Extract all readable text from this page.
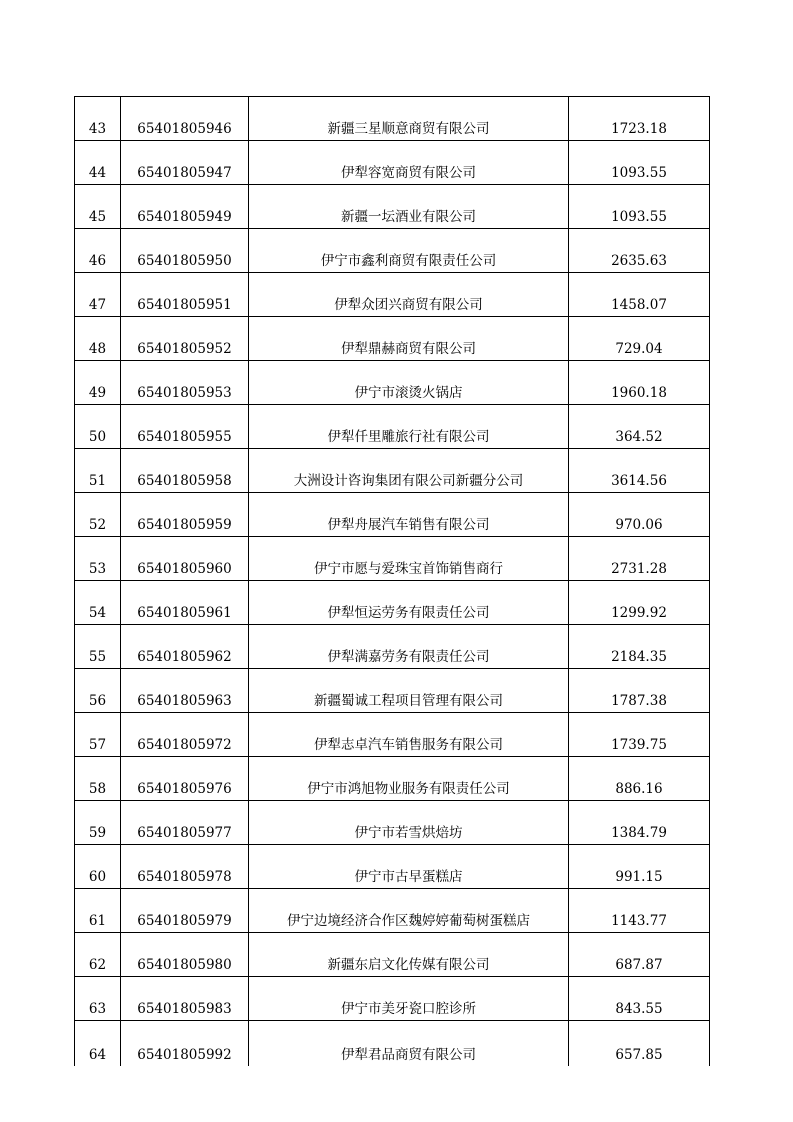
43	65401805946	新疆三星顺意商贸有限公司	1723.18
44	65401805947	伊犁容宽商贸有限公司	1093.55
45	65401805949	新疆一坛酒业有限公司	1093.55
46	65401805950	伊宁市鑫利商贸有限责任公司	2635.63
47	65401805951	伊犁众团兴商贸有限公司	1458.07
48	65401805952	伊犁鼎赫商贸有限公司	729.04
49	65401805953	伊宁市滚烫火锅店	1960.18
50	65401805955	伊犁仟里雕旅行社有限公司	364.52
51	65401805958	大洲设计咨询集团有限公司新疆分公司	3614.56
52	65401805959	伊犁舟展汽车销售有限公司	970.06
53	65401805960	伊宁市愿与爱珠宝首饰销售商行	2731.28
54	65401805961	伊犁恒运劳务有限责任公司	1299.92
55	65401805962	伊犁满嘉劳务有限责任公司	2184.35
56	65401805963	新疆蜀诚工程项目管理有限公司	1787.38
57	65401805972	伊犁志卓汽车销售服务有限公司	1739.75
58	65401805976	伊宁市鸿旭物业服务有限责任公司	886.16
59	65401805977	伊宁市若雪烘焙坊	1384.79
60	65401805978	伊宁市古早蛋糕店	991.15
61	65401805979	伊宁边境经济合作区魏婷婷葡萄树蛋糕店	1143.77
62	65401805980	新疆东启文化传媒有限公司	687.87
63	65401805983	伊宁市美牙瓷口腔诊所	843.55
64	65401805992	伊犁君品商贸有限公司	657.85
